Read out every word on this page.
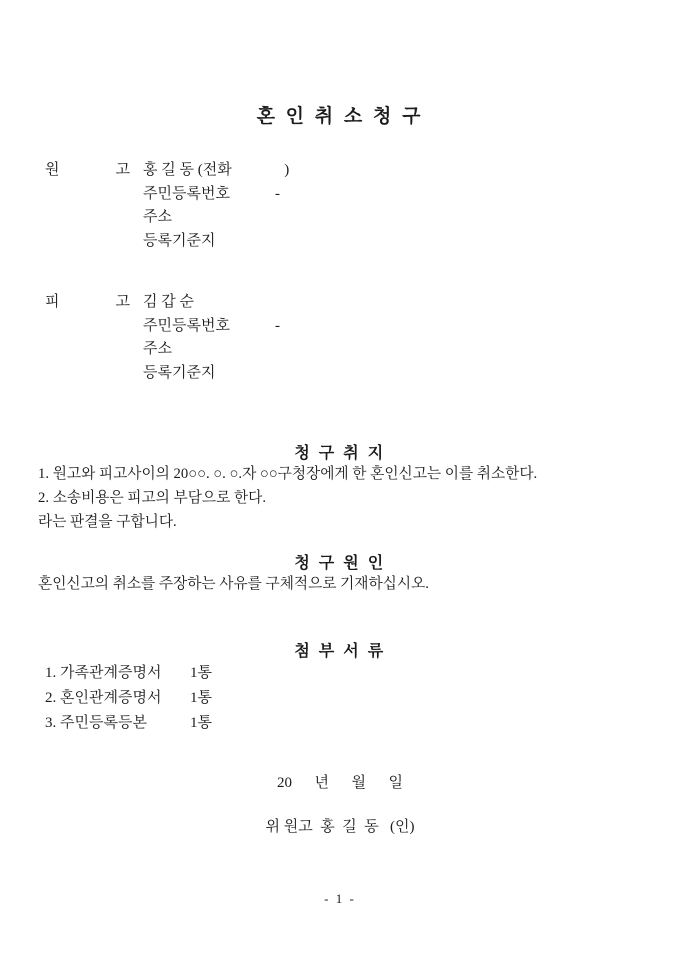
혼 인 취 소 청 구
원	고 홍 길 동 (전화              )
주민등록번호            -
주소
등록기준지
피	고 김 갑 순
주민등록번호            -
주소
등록기준지
청 구 취 지
1. 원고와 피고사이의 20○○. ○. ○.자 ○○구청장에게 한 혼인신고는 이를 취소한다.
2. 소송비용은 피고의 부담으로 한다.
라는 판결을 구합니다.
청 구 원 인
혼인신고의 취소를 주장하는 사유를 구체적으로 기재하십시오.
첨 부 서 류
1. 가족관계증명서	1통
2. 혼인관계증명서	1통
3. 주민등록등본	1통
20      년      월      일
위 원고  홍  길  동   (인)
- 1 -
